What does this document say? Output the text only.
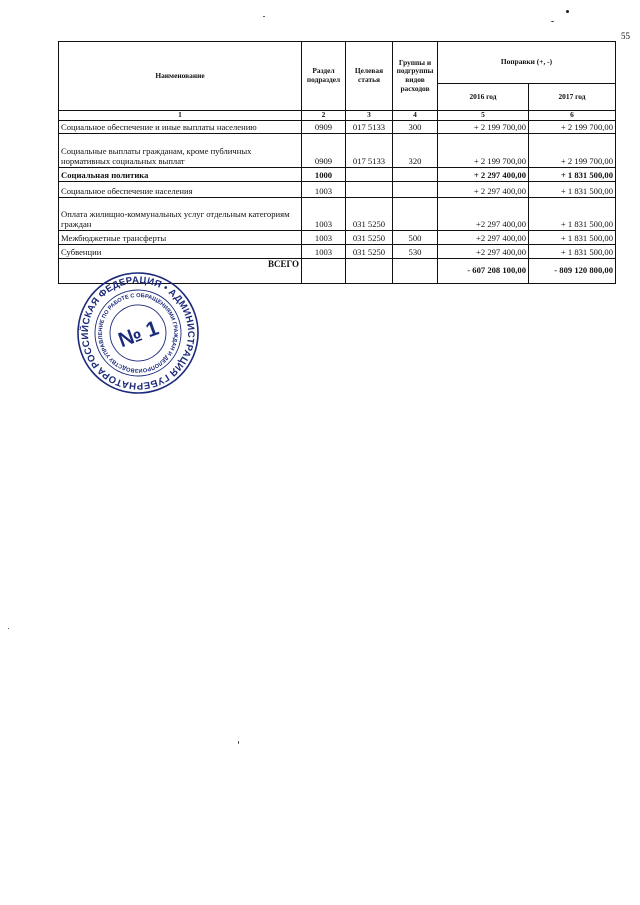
55
Наименование	Раздел подраздел	Целевая статья	Группы и подгруппы видов расходов	Поправки (+, -)	
				2016 год	2017 год
1	2	3	4	5	6
Социальное обеспечение и иные выплаты населению	0909	017 5133	300	+ 2 199 700,00	+ 2 199 700,00
Социальные выплаты гражданам, кроме публичных нормативных социальных выплат	0909	017 5133	320	+ 2 199 700,00	+ 2 199 700,00
Социальная политика	1000			+ 2 297 400,00	+ 1 831 500,00
Социальное обеспечение населения	1003			+ 2 297 400,00	+ 1 831 500,00
Оплата жилищно-коммунальных услуг отдельным категориям граждан	1003	031 5250		+2 297 400,00	+ 1 831 500,00
Межбюджетные трансферты	1003	031 5250	500	+2 297 400,00	+ 1 831 500,00
Субвенции	1003	031 5250	530	+2 297 400,00	+ 1 831 500,00
ВСЕГО				- 607 208 100,00	- 809 120 800,00
РОССИЙСКАЯ ФЕДЕРАЦИЯ • АДМИНИСТРАЦИЯ ГУБЕРНАТОРА
УПРАВЛЕНИЕ ПО РАБОТЕ С ОБРАЩЕНИЯМИ ГРАЖДАН И ДЕЛОПРОИЗВОДСТВУ
№ 1
